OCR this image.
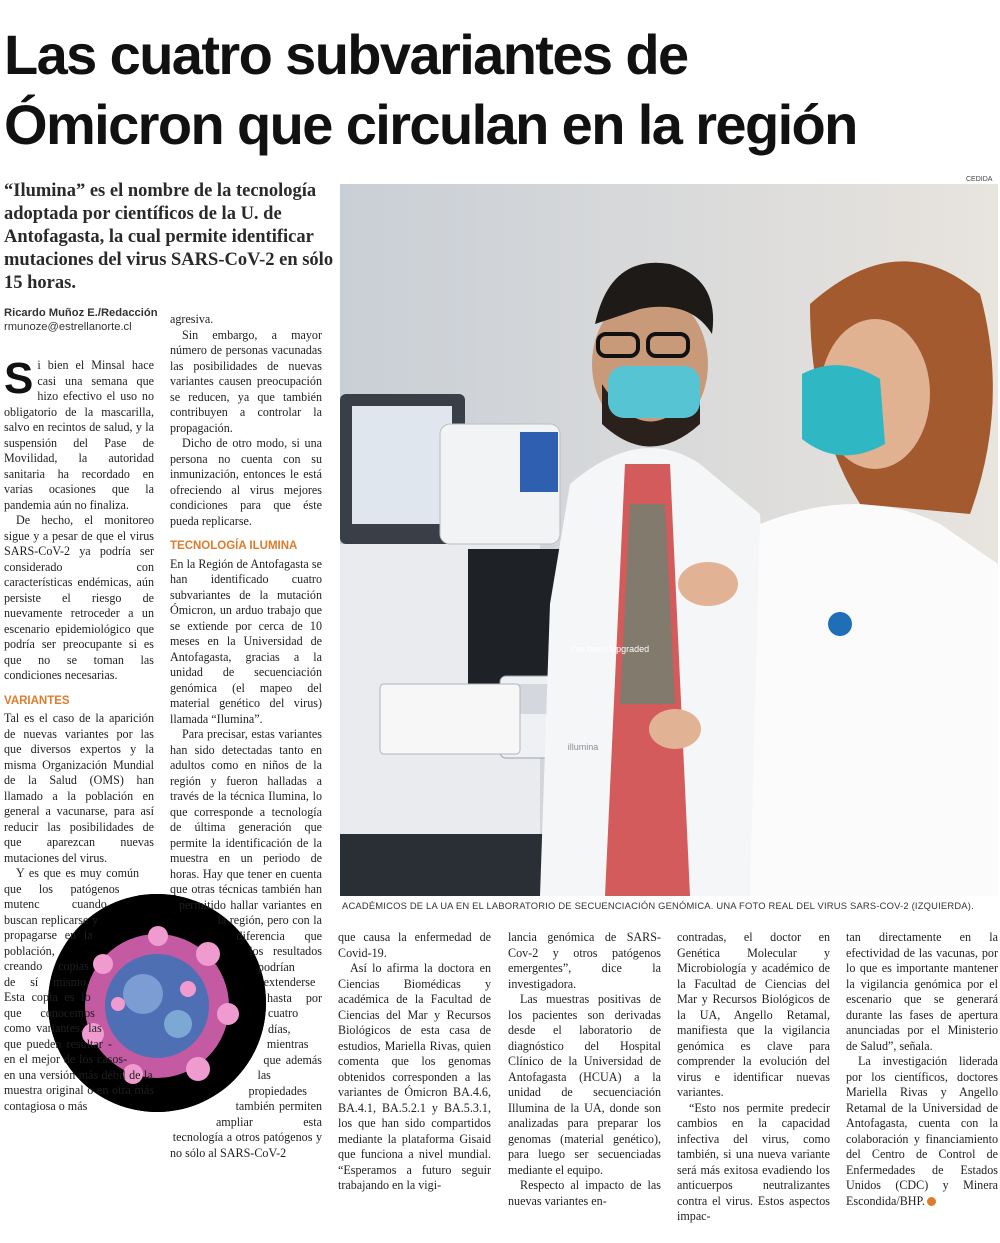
Las cuatro subvariantes de
Ómicron que circulan en la región
“Ilumina” es el nombre de la tecnología adoptada por científicos de la U. de Antofagasta, la cual permite identificar mutaciones del virus SARS-CoV-2 en sólo 15 horas.
Ricardo Muñoz E./Redacción
rmunoze@estrellanorte.cl
CEDIDA
I've been Upgraded
illumina
ACADÉMICOS DE LA UA EN EL LABORATORIO DE SECUENCIACIÓN GENÓMICA. UNA FOTO REAL DEL VIRUS SARS-COV-2 (IZQUIERDA).

Si bien el Minsal hace casi una semana que hizo efectivo el uso no obligatorio de la mascarilla, salvo en recintos de salud, y la suspensión del Pase de Movilidad, la autoridad sanitaria ha recordado en varias ocasiones que la pandemia aún no finaliza.

De hecho, el monitoreo sigue y a pesar de que el virus SARS-CoV-2 ya podría ser considerado con características endémicas, aún persiste el riesgo de nuevamente retroceder a un escenario epidemiológico que podría ser preocupante si es que no se toman las condiciones necesarias.

VARIANTES

Tal es el caso de la aparición de nuevas variantes por las que diversos expertos y la misma Organización Mundial de la Salud (OMS) han llamado a la población en general a vacunarse, para así reducir las posibilidades de que aparezcan nuevas mutaciones del virus.

Y es que es muy común que los patógenos mutenc cuando buscan replicarse y propagarse en la población, creando copias de sí mismo. Esta copia es lo que conocemos como variantes, las que pueden resultar -en el mejor de los casos- en una versión más débil de la muestra original o en otra más contagiosa o más

agresiva.

Sin embargo, a mayor número de personas vacunadas las posibilidades de nuevas variantes causen preocupación se reducen, ya que también contribuyen a controlar la propagación.

Dicho de otro modo, si una persona no cuenta con su inmunización, entonces le está ofreciendo al virus mejores condiciones para que éste pueda replicarse.

TECNOLOGÍA ILUMINA

En la Región de Antofagasta se han identificado cuatro subvariantes de la mutación Ómicron, un arduo trabajo que se extiende por cerca de 10 meses en la Universidad de Antofagasta, gracias a la unidad de secuenciación genómica (el mapeo del material genético del virus) llamada “Ilumina”.

Para precisar, estas variantes han sido detectadas tanto en adultos como en niños de la región y fueron halladas a través de la técnica Ilumina, lo que corresponde a tecnología de última generación que permite la identificación de la muestra en un periodo de horas. Hay que tener en cuenta que otras técnicas también han permitido hallar variantes en la región, pero con la diferencia que los resultados podrían extenderse hasta por cuatro días, mientras que además las propiedades también permiten ampliar esta tecnología a otros patógenos y no sólo al SARS-CoV-2

que causa la enfermedad de Covid-19.

Así lo afirma la doctora en Ciencias Biomédicas y académica de la Facultad de Ciencias del Mar y Recursos Biológicos de esta casa de estudios, Mariella Rivas, quien comenta que los genomas obtenidos corresponden a las variantes de Ómicron BA.4.6, BA.4.1, BA.5.2.1 y BA.5.3.1, los que han sido compartidos mediante la plataforma Gisaid que funciona a nivel mundial. “Esperamos a futuro seguir trabajando en la vigi-

lancia genómica de SARS-Cov-2 y otros patógenos emergentes”, dice la investigadora.

Las muestras positivas de los pacientes son derivadas desde el laboratorio de diagnóstico del Hospital Clínico de la Universidad de Antofagasta (HCUA) a la unidad de secuenciación Illumina de la UA, donde son analizadas para preparar los genomas (material genético), para luego ser secuenciadas mediante el equipo.

Respecto al impacto de las nuevas variantes en-

contradas, el doctor en Genética Molecular y Microbiología y académico de la Facultad de Ciencias del Mar y Recursos Biológicos de la UA, Angello Retamal, manifiesta que la vigilancia genómica es clave para comprender la evolución del virus e identificar nuevas variantes.

“Esto nos permite predecir cambios en la capacidad infectiva del virus, como también, si una nueva variante será más exitosa evadiendo los anticuerpos neutralizantes contra el virus. Estos aspectos impac-

tan directamente en la efectividad de las vacunas, por lo que es importante mantener la vigilancia genómica por el escenario que se generará durante las fases de apertura anunciadas por el Ministerio de Salud”, señala.

La investigación liderada por los científicos, doctores Mariella Rivas y Angello Retamal de la Universidad de Antofagasta, cuenta con la colaboración y financiamiento del Centro de Control de Enfermedades de Estados Unidos (CDC) y Minera Escondida/BHP.
